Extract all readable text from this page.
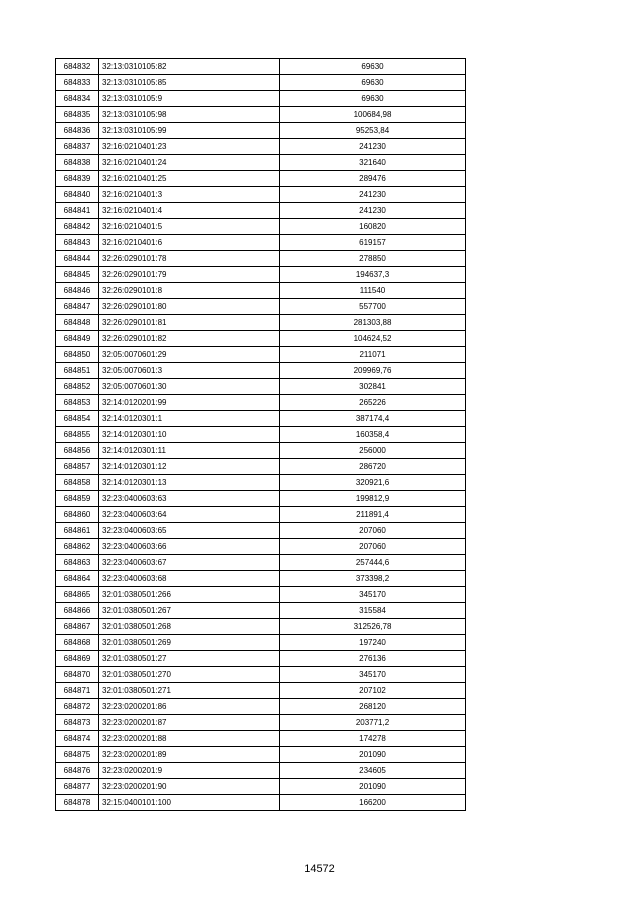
684832	32:13:0310105:82	69630
684833	32:13:0310105:85	69630
684834	32:13:0310105:9	69630
684835	32:13:0310105:98	100684,98
684836	32:13:0310105:99	95253,84
684837	32:16:0210401:23	241230
684838	32:16:0210401:24	321640
684839	32:16:0210401:25	289476
684840	32:16:0210401:3	241230
684841	32:16:0210401:4	241230
684842	32:16:0210401:5	160820
684843	32:16:0210401:6	619157
684844	32:26:0290101:78	278850
684845	32:26:0290101:79	194637,3
684846	32:26:0290101:8	111540
684847	32:26:0290101:80	557700
684848	32:26:0290101:81	281303,88
684849	32:26:0290101:82	104624,52
684850	32:05:0070601:29	211071
684851	32:05:0070601:3	209969,76
684852	32:05:0070601:30	302841
684853	32:14:0120201:99	265226
684854	32:14:0120301:1	387174,4
684855	32:14:0120301:10	160358,4
684856	32:14:0120301:11	256000
684857	32:14:0120301:12	286720
684858	32:14:0120301:13	320921,6
684859	32:23:0400603:63	199812,9
684860	32:23:0400603:64	211891,4
684861	32:23:0400603:65	207060
684862	32:23:0400603:66	207060
684863	32:23:0400603:67	257444,6
684864	32:23:0400603:68	373398,2
684865	32:01:0380501:266	345170
684866	32:01:0380501:267	315584
684867	32:01:0380501:268	312526,78
684868	32:01:0380501:269	197240
684869	32:01:0380501:27	276136
684870	32:01:0380501:270	345170
684871	32:01:0380501:271	207102
684872	32:23:0200201:86	268120
684873	32:23:0200201:87	203771,2
684874	32:23:0200201:88	174278
684875	32:23:0200201:89	201090
684876	32:23:0200201:9	234605
684877	32:23:0200201:90	201090
684878	32:15:0400101:100	166200
14572
